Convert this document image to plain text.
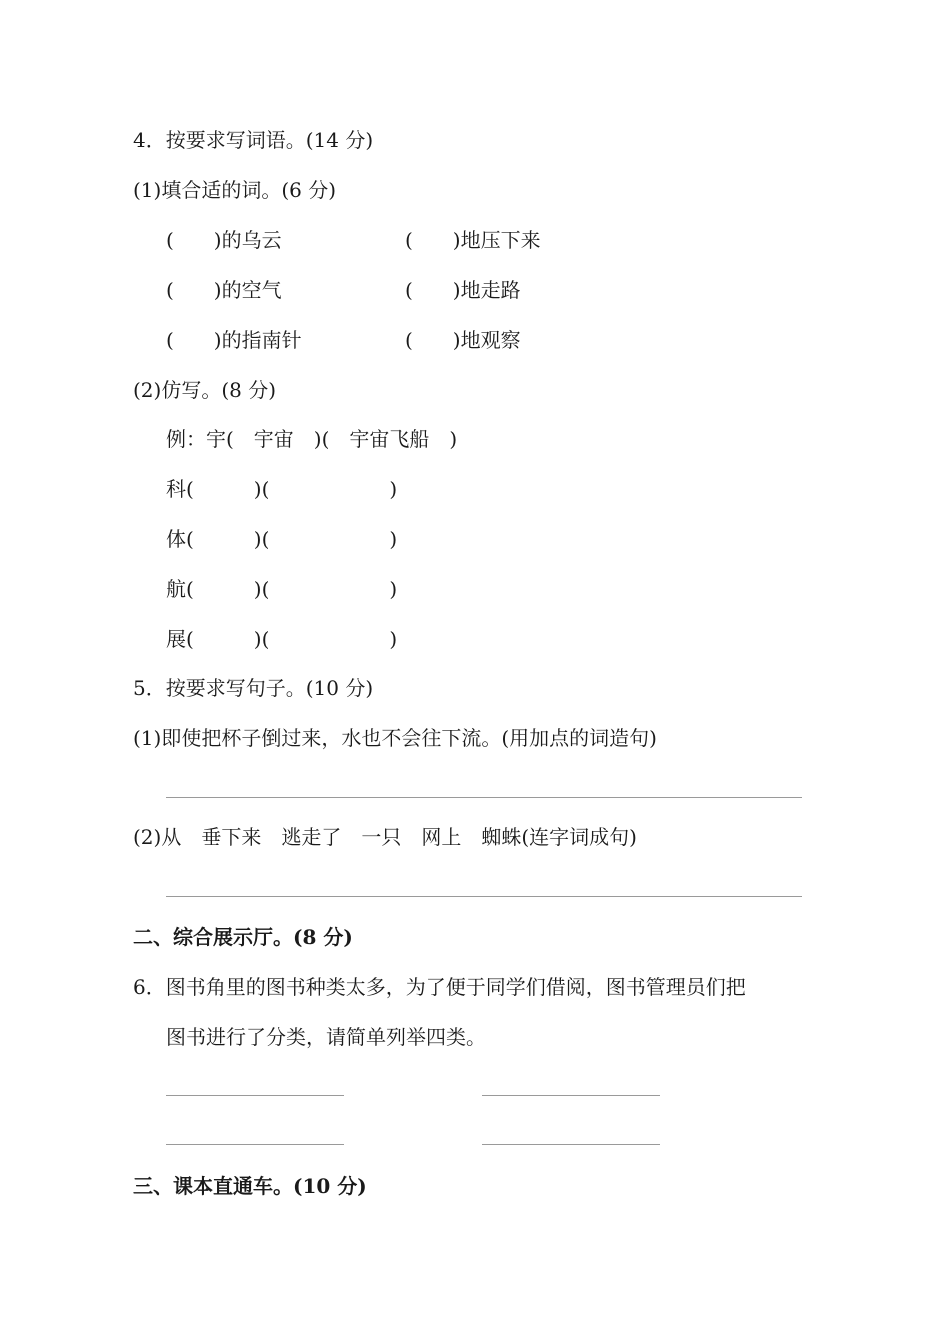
4．按要求写词语。(14 分)
(1)填合适的词。(6 分)
(　　)的乌云	(　　)地压下来
(　　)的空气	(　　)地走路
(　　)的指南针	(　　)地观察
(2)仿写。(8 分)
例：宇(　宇宙　)(　宇宙飞船　)
科(　　　)(　　　　　　)
体(　　　)(　　　　　　)
航(　　　)(　　　　　　)
展(　　　)(　　　　　　)
5．按要求写句子。(10 分)
(1)即使把杯子倒过来，水也不会往下流。(用加点的词造句)
(2)从　垂下来　逃走了　一只　网上　蜘蛛(连字词成句)
二、综合展示厅。(8 分)
6．图书角里的图书种类太多，为了便于同学们借阅，图书管理员们把
图书进行了分类，请简单列举四类。
三、课本直通车。(10 分)
